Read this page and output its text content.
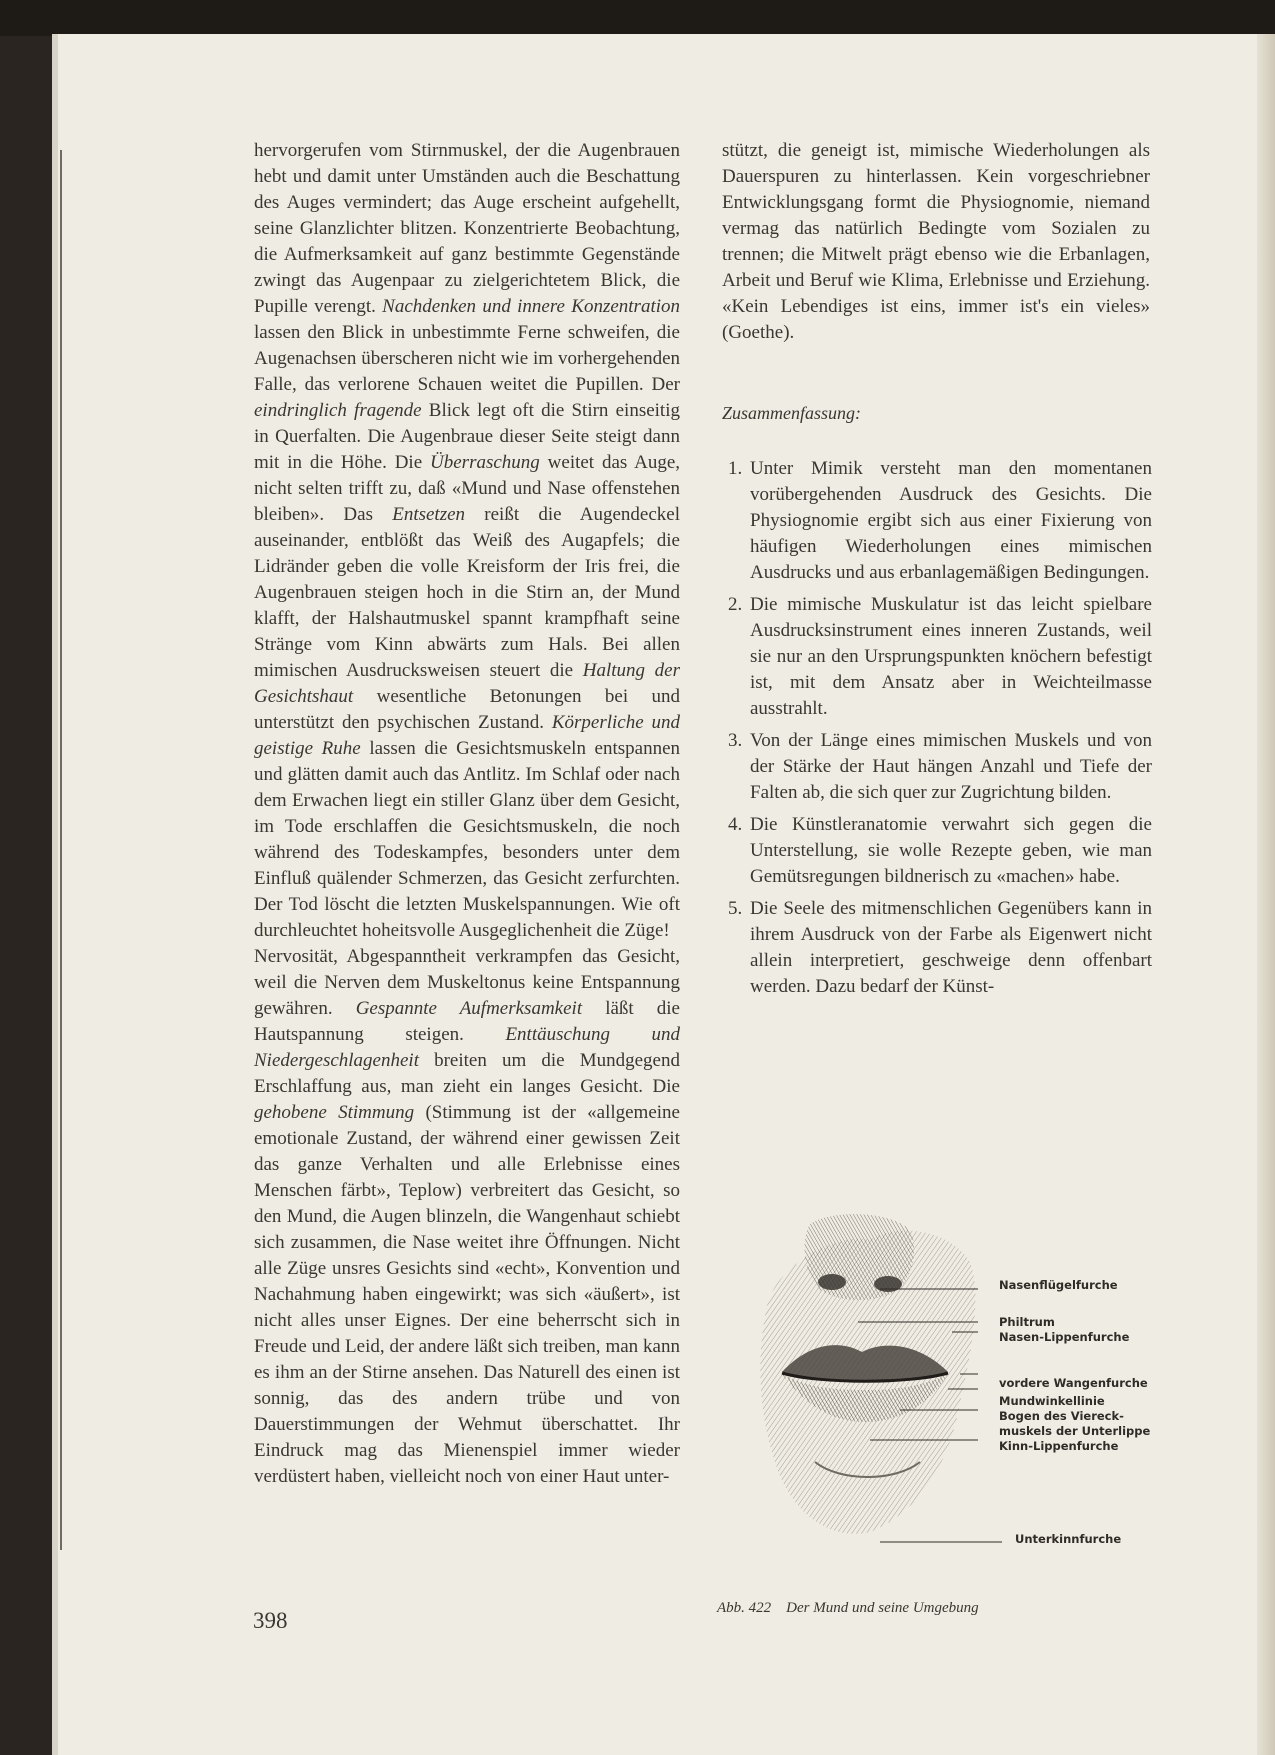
hervorgerufen vom Stirnmuskel, der die Augenbrauen hebt und damit unter Umständen auch die Beschattung des Auges vermindert; das Auge erscheint aufgehellt, seine Glanzlichter blitzen. Konzentrierte Beobachtung, die Aufmerksamkeit auf ganz bestimmte Gegenstände zwingt das Augenpaar zu zielgerichtetem Blick, die Pupille verengt. Nachdenken und innere Konzentration lassen den Blick in unbestimmte Ferne schweifen, die Augenachsen überscheren nicht wie im vorhergehenden Falle, das verlorene Schauen weitet die Pupillen. Der eindringlich fragende Blick legt oft die Stirn einseitig in Querfalten. Die Augenbraue dieser Seite steigt dann mit in die Höhe. Die Überraschung weitet das Auge, nicht selten trifft zu, daß «Mund und Nase offenstehen bleiben». Das Entsetzen reißt die Augendeckel auseinander, entblößt das Weiß des Augapfels; die Lidränder geben die volle Kreisform der Iris frei, die Augenbrauen steigen hoch in die Stirn an, der Mund klafft, der Halshautmuskel spannt krampfhaft seine Stränge vom Kinn abwärts zum Hals. Bei allen mimischen Ausdrucksweisen steuert die Haltung der Gesichtshaut wesentliche Betonungen bei und unterstützt den psychischen Zustand. Körperliche und geistige Ruhe lassen die Gesichtsmuskeln entspannen und glätten damit auch das Antlitz. Im Schlaf oder nach dem Erwachen liegt ein stiller Glanz über dem Gesicht, im Tode erschlaffen die Gesichtsmuskeln, die noch während des Todeskampfes, besonders unter dem Einfluß quälender Schmerzen, das Gesicht zerfurchten. Der Tod löscht die letzten Muskelspannungen. Wie oft durchleuchtet hoheitsvolle Ausgeglichenheit die Züge!

Nervosität, Abgespanntheit verkrampfen das Gesicht, weil die Nerven dem Muskeltonus keine Entspannung gewähren. Gespannte Aufmerksamkeit läßt die Hautspannung steigen. Enttäuschung und Niedergeschlagenheit breiten um die Mundgegend Erschlaffung aus, man zieht ein langes Gesicht. Die gehobene Stimmung (Stimmung ist der «allgemeine emotionale Zustand, der während einer gewissen Zeit das ganze Verhalten und alle Erlebnisse eines Menschen färbt», Teplow) verbreitert das Gesicht, so den Mund, die Augen blinzeln, die Wangenhaut schiebt sich zusammen, die Nase weitet ihre Öffnungen. Nicht alle Züge unsres Gesichts sind «echt», Konvention und Nachahmung haben eingewirkt; was sich «äußert», ist nicht alles unser Eignes. Der eine beherrscht sich in Freude und Leid, der andere läßt sich treiben, man kann es ihm an der Stirne ansehen. Das Naturell des einen ist sonnig, das des andern trübe und von Dauerstimmungen der Wehmut überschattet. Ihr Eindruck mag das Mienenspiel immer wieder verdüstert haben, vielleicht noch von einer Haut unter-

stützt, die geneigt ist, mimische Wiederholungen als Dauerspuren zu hinterlassen. Kein vorgeschriebner Entwicklungsgang formt die Physiognomie, niemand vermag das natürlich Bedingte vom Sozialen zu trennen; die Mitwelt prägt ebenso wie die Erbanlagen, Arbeit und Beruf wie Klima, Erlebnisse und Erziehung. «Kein Lebendiges ist eins, immer ist's ein vieles» (Goethe).

Zusammenfassung:
1. Unter Mimik versteht man den momentanen vorübergehenden Ausdruck des Gesichts. Die Physiognomie ergibt sich aus einer Fixierung von häufigen Wiederholungen eines mimischen Ausdrucks und aus erbanlagemäßigen Bedingungen.
2. Die mimische Muskulatur ist das leicht spielbare Ausdrucksinstrument eines inneren Zustands, weil sie nur an den Ursprungspunkten knöchern befestigt ist, mit dem Ansatz aber in Weichteilmasse ausstrahlt.
3. Von der Länge eines mimischen Muskels und von der Stärke der Haut hängen Anzahl und Tiefe der Falten ab, die sich quer zur Zugrichtung bilden.
4. Die Künstleranatomie verwahrt sich gegen die Unterstellung, sie wolle Rezepte geben, wie man Gemütsregungen bildnerisch zu «machen» habe.
5. Die Seele des mitmenschlichen Gegenübers kann in ihrem Ausdruck von der Farbe als Eigenwert nicht allein interpretiert, geschweige denn offenbart werden. Dazu bedarf der Künst-
Nasenflügelfurche
Philtrum
Nasen-Lippenfurche
vordere Wangenfurche
Mundwinkellinie
Bogen des Viereck-
muskels der Unterlippe
Kinn-Lippenfurche
Unterkinnfurche
Abb. 422 Der Mund und seine Umgebung
398
